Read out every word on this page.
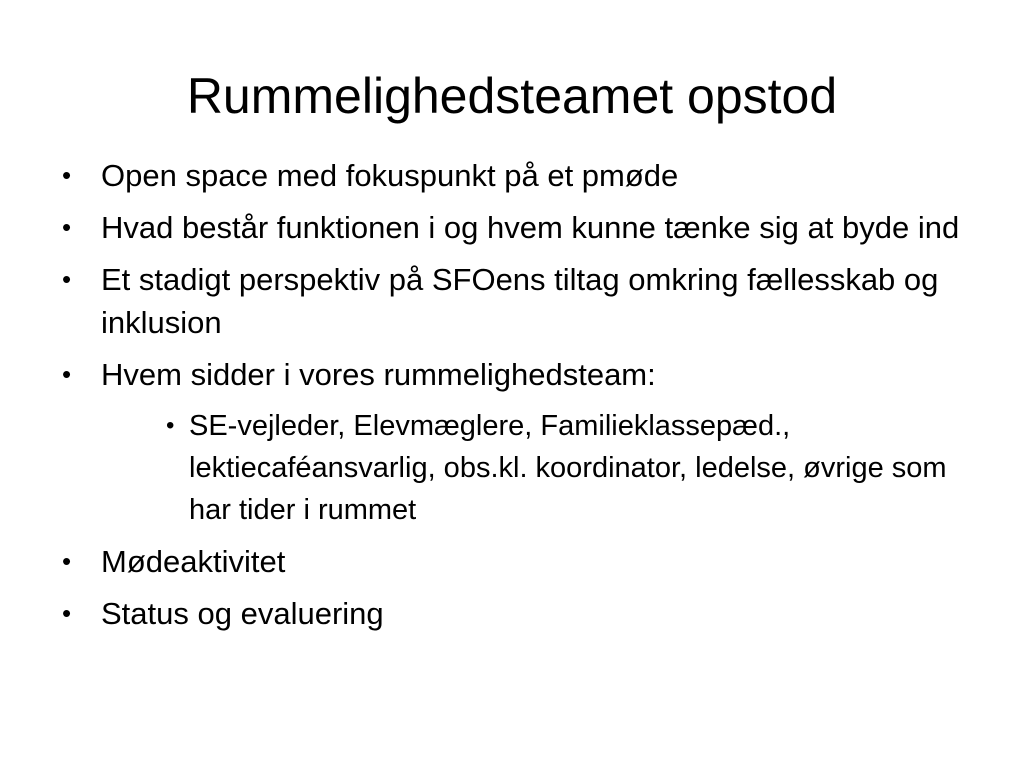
Rummelighedsteamet opstod
• Open space med fokuspunkt på et pmøde
• Hvad består funktionen i og hvem kunne tænke sig at byde ind
• Et stadigt perspektiv på SFOens tiltag omkring fællesskab og inklusion
• Hvem sidder i vores rummelighedsteam:
• SE-vejleder, Elevmæglere, Familieklassepæd., lektiecaféansvarlig, obs.kl. koordinator, ledelse, øvrige som har tider i rummet
• Mødeaktivitet
• Status og evaluering
